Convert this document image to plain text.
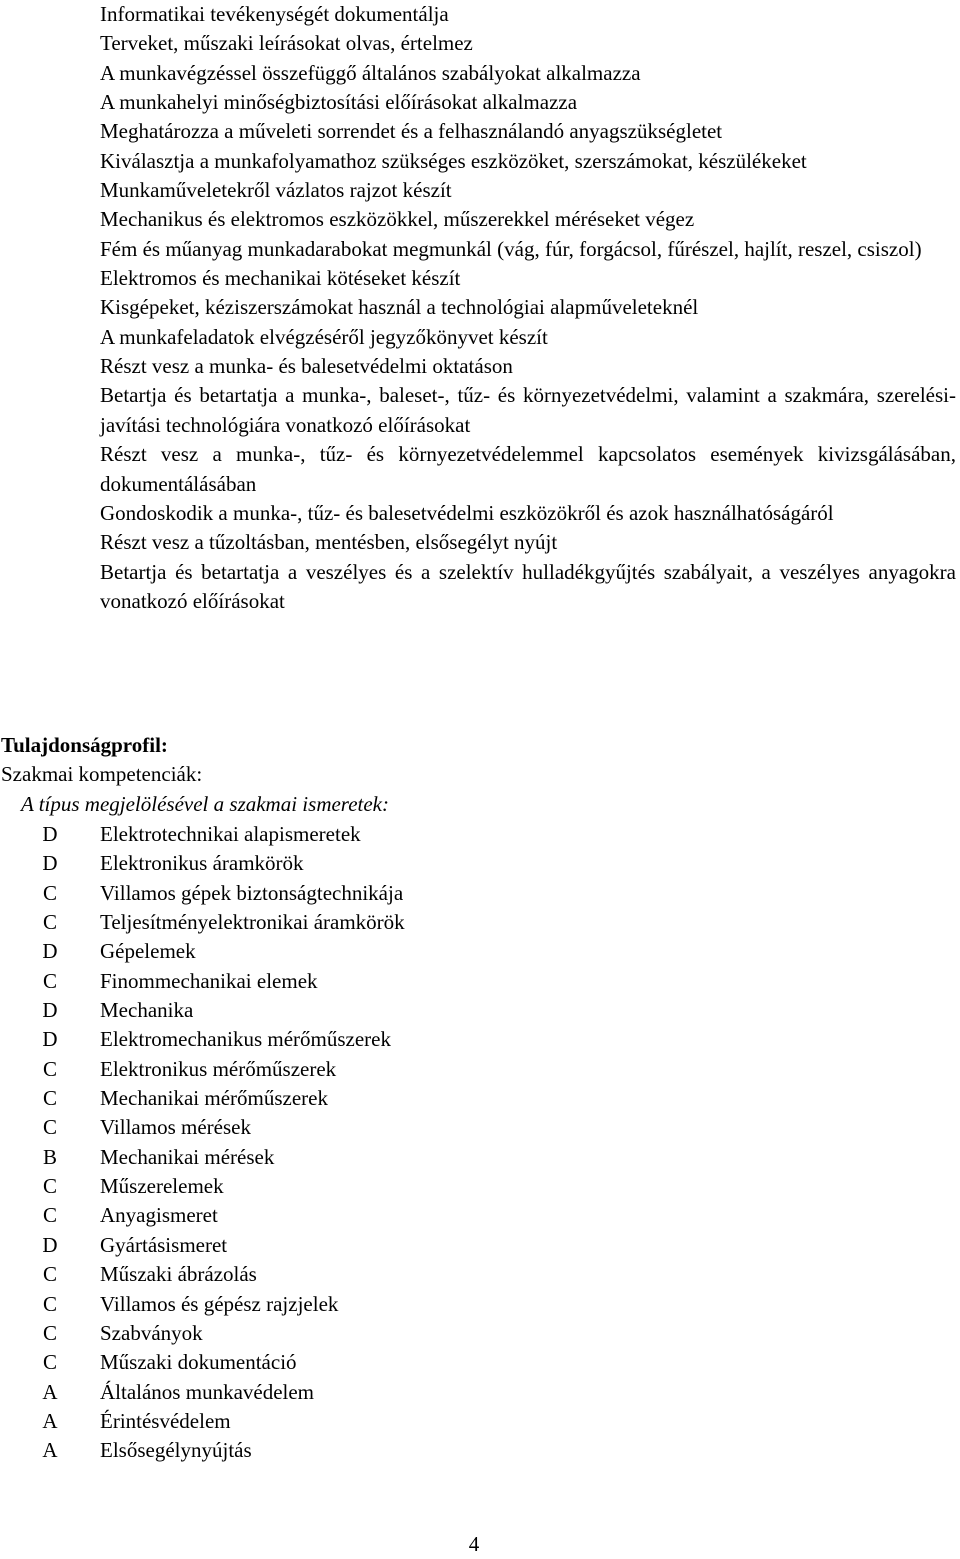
Informatikai tevékenységét dokumentálja
Terveket, műszaki leírásokat olvas, értelmez
A munkavégzéssel összefüggő általános szabályokat alkalmazza
A munkahelyi minőségbiztosítási előírásokat alkalmazza
Meghatározza a műveleti sorrendet és a felhasználandó anyagszükségletet
Kiválasztja a munkafolyamathoz szükséges eszközöket, szerszámokat, készülékeket
Munkaműveletekről vázlatos rajzot készít
Mechanikus és elektromos eszközökkel, műszerekkel méréseket végez
Fém és műanyag munkadarabokat megmunkál (vág, fúr, forgácsol, fűrészel, hajlít, reszel, csiszol)
Elektromos és mechanikai kötéseket készít
Kisgépeket, kéziszerszámokat használ a technológiai alapműveleteknél
A munkafeladatok elvégzéséről jegyzőkönyvet készít
Részt vesz a munka- és balesetvédelmi oktatáson
Betartja és betartatja a munka-, baleset-, tűz- és környezetvédelmi, valamint a szakmára, szerelési-javítási technológiára vonatkozó előírásokat
Részt vesz a munka-, tűz- és környezetvédelemmel kapcsolatos események kivizsgálásában, dokumentálásában
Gondoskodik a munka-, tűz- és balesetvédelmi eszközökről és azok használhatóságáról
Részt vesz a tűzoltásban, mentésben, elsősegélyt nyújt
Betartja és betartatja a veszélyes és a szelektív hulladékgyűjtés szabályait, a veszélyes anyagokra vonatkozó előírásokat
Tulajdonságprofil:
Szakmai kompetenciák:
A típus megjelölésével a szakmai ismeretek:
D Elektrotechnikai alapismeretek
D Elektronikus áramkörök
C Villamos gépek biztonságtechnikája
C Teljesítményelektronikai áramkörök
D Gépelemek
C Finommechanikai elemek
D Mechanika
D Elektromechanikus mérőműszerek
C Elektronikus mérőműszerek
C Mechanikai mérőműszerek
C Villamos mérések
B Mechanikai mérések
C Műszerelemek
C Anyagismeret
D Gyártásismeret
C Műszaki ábrázolás
C Villamos és gépész rajzjelek
C Szabványok
C Műszaki dokumentáció
A Általános munkavédelem
A Érintésvédelem
A Elsősegélynyújtás
4
